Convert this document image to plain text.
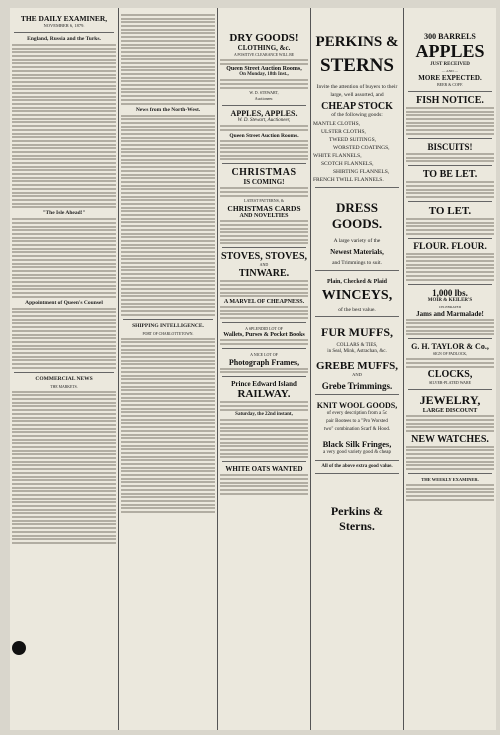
THE DAILY EXAMINER,
NOVEMBER 6, 1879.
England, Russia and the Turks.
"The Isle Ahead!"
Appointment of Queen's Counsel
COMMERCIAL NEWS
THE MARKETS.
News from the North-West.
SHIPPING INTELLIGENCE.
PORT OF CHARLOTTETOWN.
DRY GOODS!
CLOTHING, &c.
A POSITIVE CLEARANCE WILL BE
Queen Street Auction Rooms,
On Monday, 18th Inst.,
W. D. STEWART,
Auctioneer.
APPLES, APPLES.
W. D. Stewart, Auctioneer,
Queen Street Auction Rooms.
CHRISTMAS
IS COMING!
LATEST PATTERNS, &
CHRISTMAS CARDS
AND NOVELTIES
STOVES, STOVES,
AND
TINWARE.
A MARVEL OF CHEAPNESS.
A SPLENDID LOT OF
Wallets, Purses & Pocket Books
A NICE LOT OF
Photograph Frames,
Prince Edward Island
RAILWAY.
Saturday, the 22nd instant,
WHITE OATS WANTED
PERKINS &
STERNS
Invite the attention of buyers to their large, well assorted, and
CHEAP STOCK
of the following goods:
MANTLE CLOTHS,
ULSTER CLOTHS,
TWEED SUITINGS,
WORSTED COATINGS,
WHITE FLANNELS,
SCOTCH FLANNELS,
SHIRTING FLANNELS,
FRENCH TWILL FLANNELS.
DRESS GOODS.
A large variety of the
Newest Materials,
and Trimmings to suit.
Plain, Checked & Plaid
WINCEYS,
of the best value.
FUR MUFFS,
COLLARS & TIES,
in Seal, Mink, Astrachan, &c.
GREBE MUFFS,
AND
Grebe Trimmings.
KNIT WOOL GOODS,
of every description from a 5c
pair Bootees to a "Pro Worsted
two" combination Scarf & Hood.
Black Silk Fringes,
a very good variety good & cheap
All of the above extra good value.
Perkins & Sterns.
300 BARRELS
APPLES
JUST RECEIVED
— AND —
MORE EXPECTED.
BEER & COFF.
FISH NOTICE.
BISCUITS!
TO BE LET.
TO LET.
FLOUR. FLOUR.
1,000 lbs.
MOIR & KEILER'S
CELEBRATED
Jams and Marmalade!
G. H. TAYLOR & Co.,
SIGN OF PADLOCK,
CLOCKS,
SILVER-PLATED WARE
JEWELRY,
LARGE DISCOUNT
NEW WATCHES.
THE WEEKLY EXAMINER.
